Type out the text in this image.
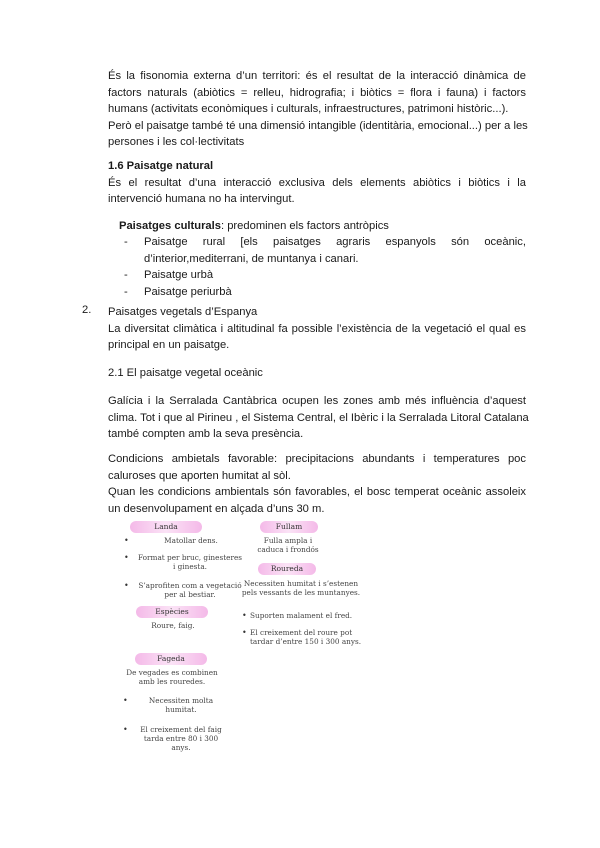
És la fisonomia externa d’un territori: és el resultat de la interacció dinàmica de
factors naturals (abiòtics = relleu, hidrografia; i biòtics = flora i fauna) i factors
humans (activitats econòmiques i culturals, infraestructures, patrimoni històric...).
Però el paisatge també té una dimensió intangible (identitària, emocional...) per a les
persones i les col·lectivitats
1.6 Paisatge natural
És el resultat d’una interacció exclusiva dels elements abiòtics i biòtics i la
intervenció humana no ha intervingut.
Paisatges culturals: predominen els factors antròpics
- Paisatge rural [els paisatges agraris espanyols són oceànic,
d’interior,mediterrani, de muntanya i canari.
- Paisatge urbà
- Paisatge periurbà
2. Paisatges vegetals d’Espanya
La diversitat climàtica i altitudinal fa possible l’existència de la vegetació el qual es
principal en un paisatge.
2.1 El paisatge vegetal oceànic
Galícia i la Serralada Cantàbrica ocupen les zones amb més influència d’aquest
clima. Tot i que al Pirineu , el Sistema Central, el Ibèric i la Serralada Litoral Catalana
també compten amb la seva presència.
Condicions ambietals favorable: precipitacions abundants i temperatures poc
caluroses que aporten humitat al sòl.
Quan les condicions ambientals són favorables, el bosc temperat oceànic assoleix
un desenvolupament en alçada d’uns 30 m.
Landa
•	Matollar dens.
•	Format per bruc, ginesteres
i ginesta.
•	S’aprofiten com a vegetació
per al bestiar.
Espècies
Roure, faig.
Fageda
De vegades es combinen
amb les rouredes.
•	Necessiten molta
humitat.
•	El creixement del faig
tarda entre 80 i 300
anys.
Fullam
Fulla ampla i
caduca i frondós
Roureda
Necessiten humitat i s’estenen
pels vessants de les muntanyes.
• Suporten malament el fred.
• El creixement del roure pot
tardar d’entre 150 i 300 anys.
